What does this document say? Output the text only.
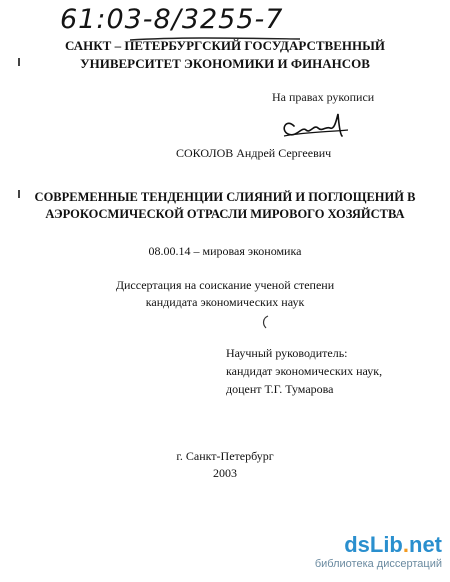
61:03-8/3255-7
САНКТ – ПЕТЕРБУРГСКИЙ ГОСУДАРСТВЕННЫЙ
УНИВЕРСИТЕТ ЭКОНОМИКИ И ФИНАНСОВ
На правах рукописи
СОКОЛОВ Андрей Сергеевич
СОВРЕМЕННЫЕ ТЕНДЕНЦИИ СЛИЯНИЙ И ПОГЛОЩЕНИЙ В
АЭРОКОСМИЧЕСКОЙ ОТРАСЛИ МИРОВОГО ХОЗЯЙСТВА
08.00.14 – мировая экономика
Диссертация на соискание ученой степени
кандидата экономических наук
Научный руководитель:
кандидат экономических наук,
доцент Т.Г. Тумарова
г. Санкт-Петербург
2003
dsLib.net
библиотека диссертаций
